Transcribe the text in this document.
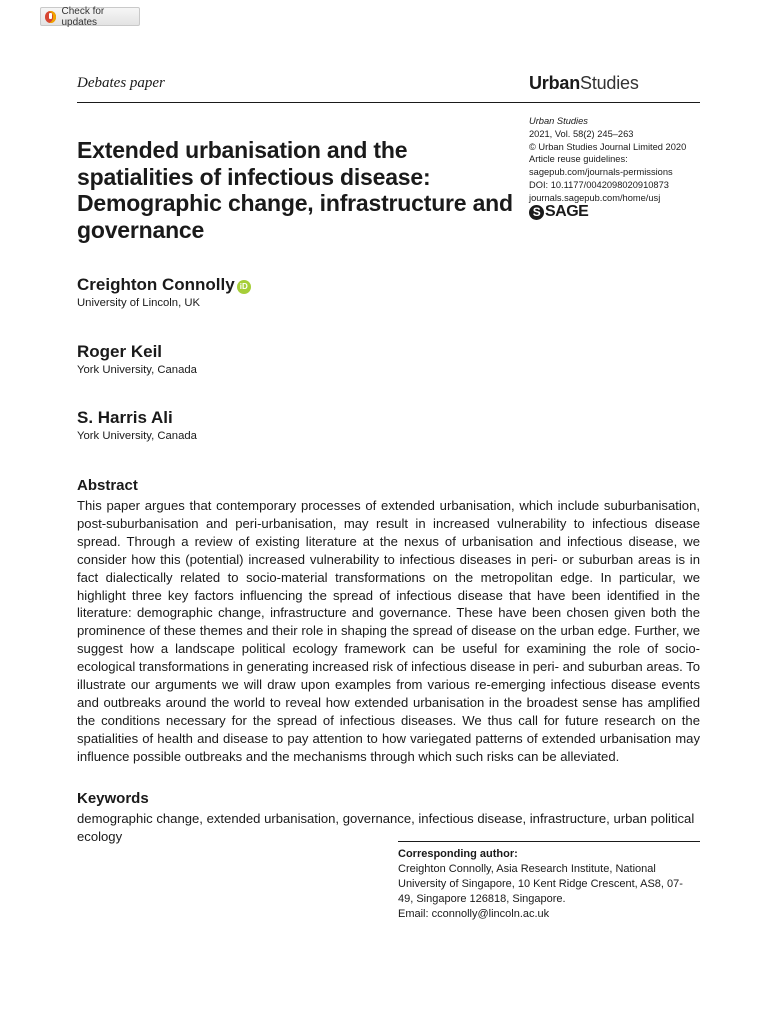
Check for updates
Debates paper	UrbanStudies
Urban Studies
2021, Vol. 58(2) 245–263
© Urban Studies Journal Limited 2020
Article reuse guidelines:
sagepub.com/journals-permissions
DOI: 10.1177/0042098020910873
journals.sagepub.com/home/usj
S SAGE
Extended urbanisation and the spatialities of infectious disease: Demographic change, infrastructure and governance
Creighton Connolly iD
University of Lincoln, UK
Roger Keil
York University, Canada
S. Harris Ali
York University, Canada
Abstract

This paper argues that contemporary processes of extended urbanisation, which include suburbanisation, post-suburbanisation and peri-urbanisation, may result in increased vulnerability to infectious disease spread. Through a review of existing literature at the nexus of urbanisation and infectious disease, we consider how this (potential) increased vulnerability to infectious diseases in peri- or suburban areas is in fact dialectically related to socio-material transformations on the metropolitan edge. In particular, we highlight three key factors influencing the spread of infectious disease that have been identified in the literature: demographic change, infrastructure and governance. These have been chosen given both the prominence of these themes and their role in shaping the spread of disease on the urban edge. Further, we suggest how a landscape political ecology framework can be useful for examining the role of socio-ecological transformations in generating increased risk of infectious disease in peri- and suburban areas. To illustrate our arguments we will draw upon examples from various re-emerging infectious disease events and outbreaks around the world to reveal how extended urbanisation in the broadest sense has amplified the conditions necessary for the spread of infectious diseases. We thus call for future research on the spatialities of health and disease to pay attention to how variegated patterns of extended urbanisation may influence possible outbreaks and the mechanisms through which such risks can be alleviated.

Keywords

demographic change, extended urbanisation, governance, infectious disease, infrastructure, urban political ecology

Corresponding author:
Creighton Connolly, Asia Research Institute, National
University of Singapore, 10 Kent Ridge Crescent, AS8, 07-
49, Singapore 126818, Singapore.
Email: cconnolly@lincoln.ac.uk
